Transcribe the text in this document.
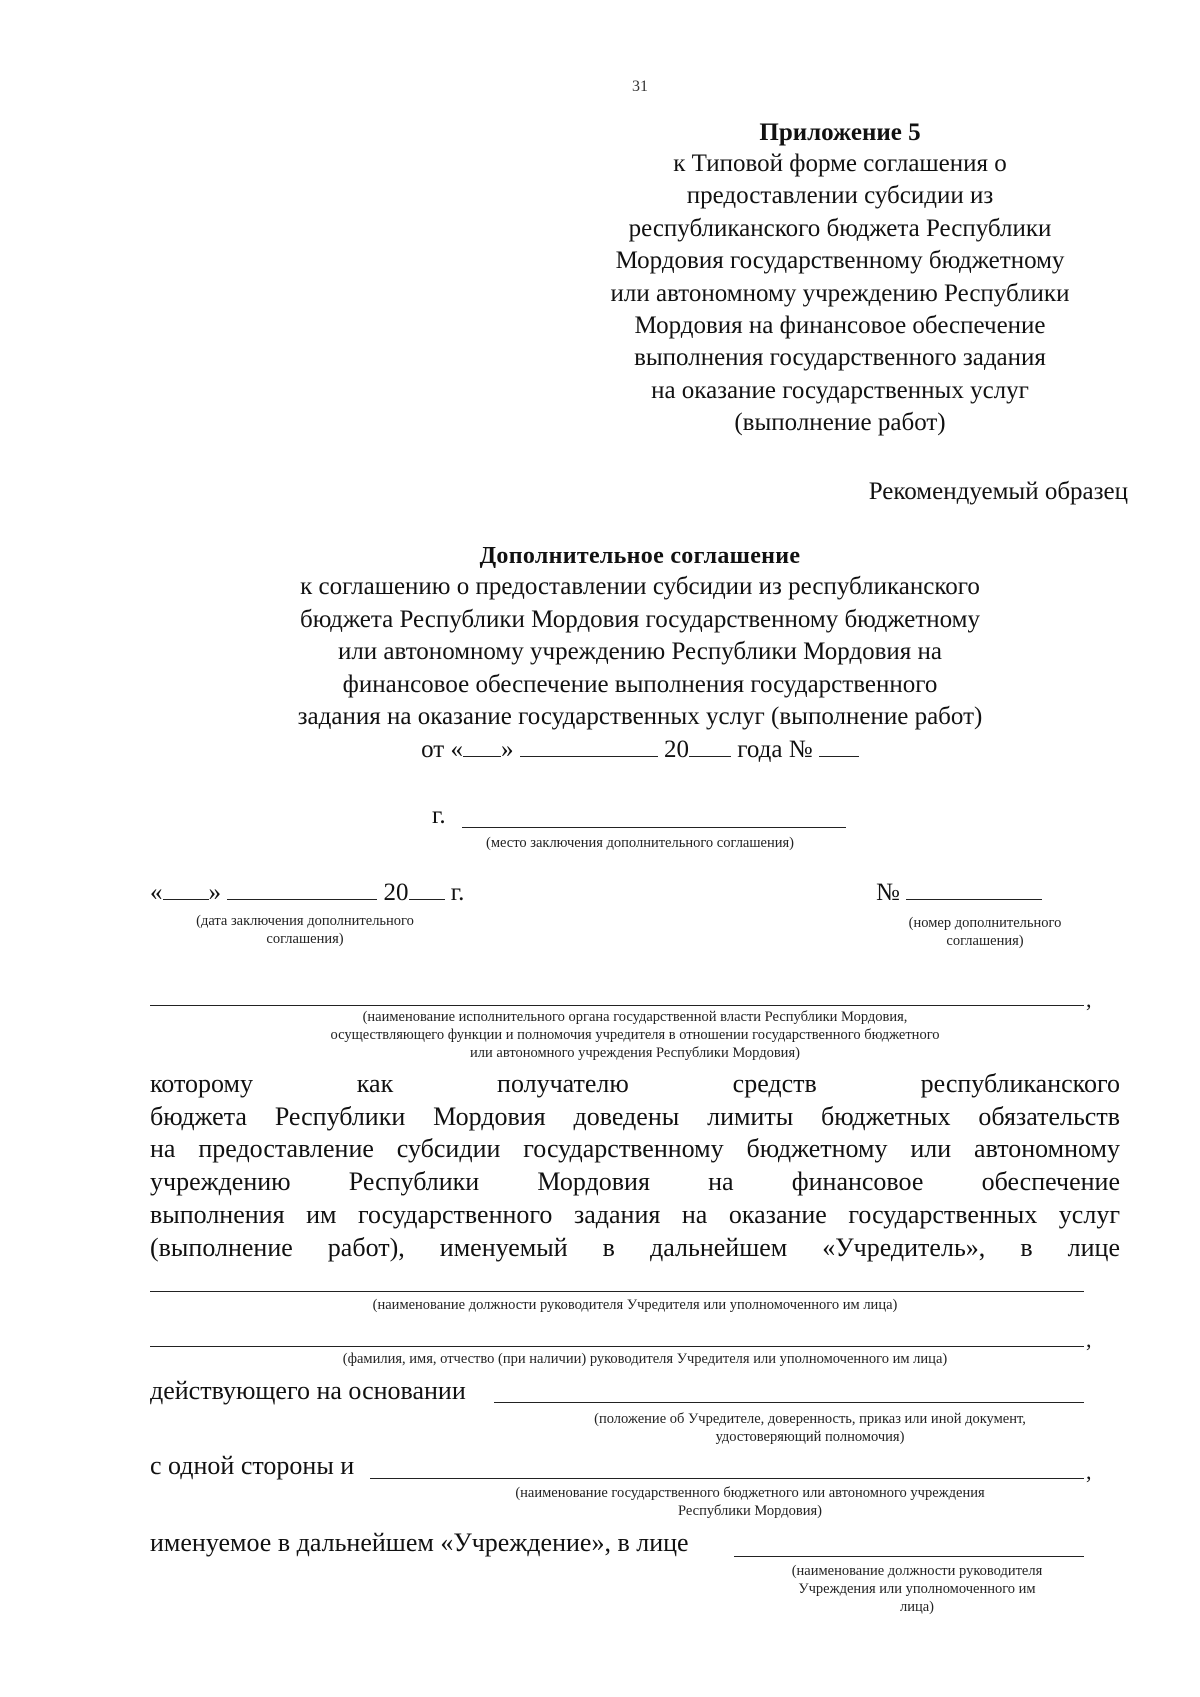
31
Приложение 5
к Типовой форме соглашения о
предоставлении субсидии из
республиканского бюджета Республики
Мордовия государственному бюджетному
или автономному учреждению Республики
Мордовия на финансовое обеспечение
выполнения государственного задания
на оказание государственных услуг
(выполнение работ)
Рекомендуемый образец
Дополнительное соглашение
к соглашению о предоставлении субсидии из республиканского
бюджета Республики Мордовия государственному бюджетному
или автономному учреждению Республики Мордовия на
финансовое обеспечение выполнения государственного
задания на оказание государственных услуг (выполнение работ)
от « »	20 года №
г.
(место заключения дополнительного соглашения)
« »	20 г.
(дата заключения дополнительного
соглашения)
№
(номер дополнительного
соглашения)
,
(наименование исполнительного органа государственной власти Республики Мордовия,
осуществляющего функции и полномочия учредителя в отношении государственного бюджетного
или автономного учреждения Республики Мордовия)
которому как получателю средств республиканского
бюджета Республики Мордовия доведены лимиты бюджетных обязательств
на предоставление субсидии государственному бюджетному или автономному
учреждению Республики Мордовия на финансовое обеспечение
выполнения им государственного задания на оказание государственных услуг
(выполнение работ), именуемый в дальнейшем «Учредитель», в лице
(наименование должности руководителя Учредителя или уполномоченного им лица)
,
(фамилия, имя, отчество (при наличии) руководителя Учредителя или уполномоченного им лица)
действующего на основании
(положение об Учредителе, доверенность, приказ или иной документ,
удостоверяющий полномочия)
с одной стороны и	,
(наименование государственного бюджетного или автономного учреждения
Республики Мордовия)
именуемое в дальнейшем «Учреждение», в лице
(наименование должности руководителя
Учреждения или уполномоченного им
лица)
